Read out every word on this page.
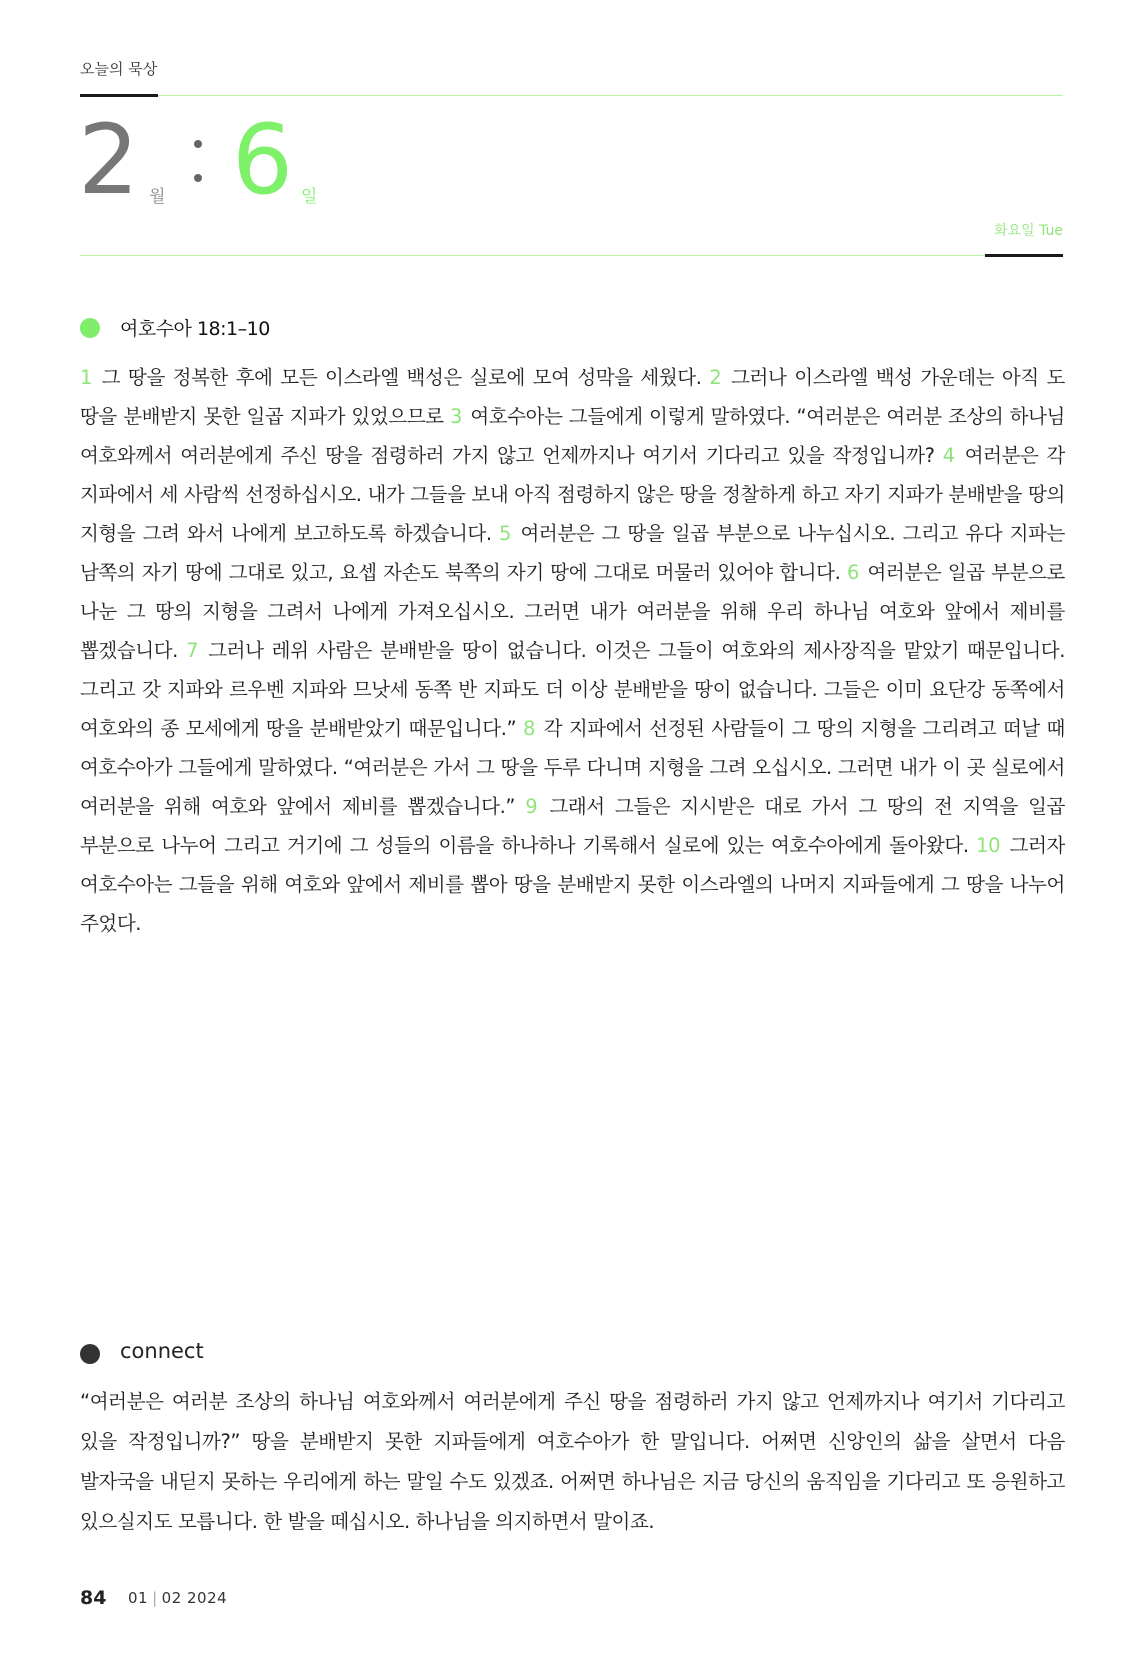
오늘의 묵상
2 월 6 일
화요일 Tue
여호수아 18:1–10
1 그 땅을 정복한 후에 모든 이스라엘 백성은 실로에 모여 성막을 세웠다. 2 그러나 이스라엘 백성 가운데는 아직 도 땅을 분배받지 못한 일곱 지파가 있었으므로 3 여호수아는 그들에게 이렇게 말하였다. “여러분은 여러분 조상의 하나님 여호와께서 여러분에게 주신 땅을 점령하러 가지 않고 언제까지나 여기서 기다리고 있을 작정입니까? 4 여러분은 각 지파에서 세 사람씩 선정하십시오. 내가 그들을 보내 아직 점령하지 않은 땅을 정찰하게 하고 자기 지파가 분배받을 땅의 지형을 그려 와서 나에게 보고하도록 하겠습니다. 5 여러분은 그 땅을 일곱 부분으로 나누십시오. 그리고 유다 지파는 남쪽의 자기 땅에 그대로 있고, 요셉 자손도 북쪽의 자기 땅에 그대로 머물러 있어야 합니다. 6 여러분은 일곱 부분으로 나눈 그 땅의 지형을 그려서 나에게 가져오십시오. 그러면 내가 여러분을 위해 우리 하나님 여호와 앞에서 제비를 뽑겠습니다. 7 그러나 레위 사람은 분배받을 땅이 없습니다. 이것은 그들이 여호와의 제사장직을 맡았기 때문입니다. 그리고 갓 지파와 르우벤 지파와 므낫세 동쪽 반 지파도 더 이상 분배받을 땅이 없습니다. 그들은 이미 요단강 동쪽에서 여호와의 종 모세에게 땅을 분배받았기 때문입니다.” 8 각 지파에서 선정된 사람들이 그 땅의 지형을 그리려고 떠날 때 여호수아가 그들에게 말하였다. “여러분은 가서 그 땅을 두루 다니며 지형을 그려 오십시오. 그러면 내가 이 곳 실로에서 여러분을 위해 여호와 앞에서 제비를 뽑겠습니다.” 9 그래서 그들은 지시받은 대로 가서 그 땅의 전 지역을 일곱 부분으로 나누어 그리고 거기에 그 성들의 이름을 하나하나 기록해서 실로에 있는 여호수아에게 돌아왔다. 10 그러자 여호수아는 그들을 위해 여호와 앞에서 제비를 뽑아 땅을 분배받지 못한 이스라엘의 나머지 지파들에게 그 땅을 나누어 주었다.
connect
“여러분은 여러분 조상의 하나님 여호와께서 여러분에게 주신 땅을 점령하러 가지 않고 언제까지나 여기서 기다리고 있을 작정입니까?” 땅을 분배받지 못한 지파들에게 여호수아가 한 말입니다. 어쩌면 신앙인의 삶을 살면서 다음 발자국을 내딛지 못하는 우리에게 하는 말일 수도 있겠죠. 어쩌면 하나님은 지금 당신의 움직임을 기다리고 또 응원하고 있으실지도 모릅니다. 한 발을 떼십시오. 하나님을 의지하면서 말이죠.
84 01 | 02 2024
